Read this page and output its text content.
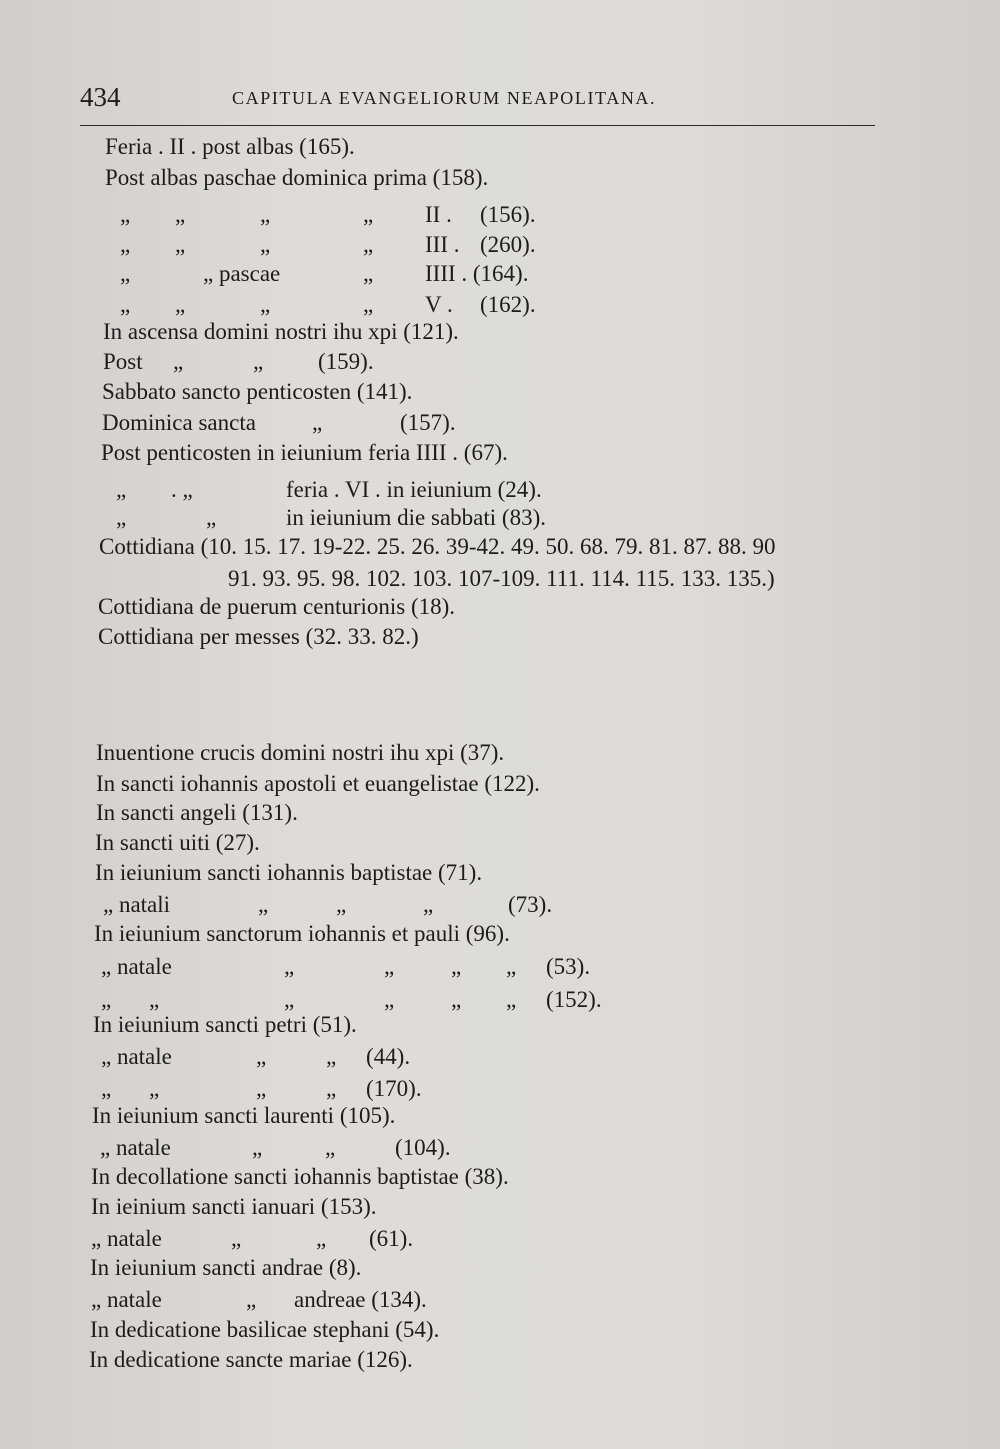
434	CAPITULA EVANGELIORUM NEAPOLITANA.
Feria . II . post albas (165).
Post albas paschae dominica prima (158).
„ „	„	„ II . (156).
„ „	„	„ III . (260).
„	„ pascae	„ IIII . (164).
„ „	„	„ V . (162).
In ascensa domini nostri ihu xpi (121).
Post „	„ (159).
Sabbato sancto penticosten (141).
Dominica sancta „	(157).
Post penticosten in ieiunium feria IIII . (67).
„ . „	feria . VI . in ieiunium (24).
„	„	in ieiunium die sabbati (83).
Cottidiana (10. 15. 17. 19-22. 25. 26. 39-42. 49. 50. 68. 79. 81. 87. 88. 90
91. 93. 95. 98. 102. 103. 107-109. 111. 114. 115. 133. 135.)
Cottidiana de puerum centurionis (18).
Cottidiana per messes (32. 33. 82.)
Inuentione crucis domini nostri ihu xpi (37).
In sancti iohannis apostoli et euangelistae (122).
In sancti angeli (131).
In sancti uiti (27).
In ieiunium sancti iohannis baptistae (71).
„ natali	„	„	„	(73).
In ieiunium sanctorum iohannis et pauli (96).
„ natale	„	„ „ „ (53).
„ „	„	„ „ „ (152).
In ieiunium sancti petri (51).
„ natale	„	„ (44).
„ „	„	„ (170).
In ieiunium sancti laurenti (105).
„ natale	„	„	(104).
In decollatione sancti iohannis baptistae (38).
In ieinium sancti ianuari (153).
„ natale	„	„ (61).
In ieiunium sancti andrae (8).
„ natale	„ andreae (134).
In dedicatione basilicae stephani (54).
In dedicatione sancte mariae (126).
